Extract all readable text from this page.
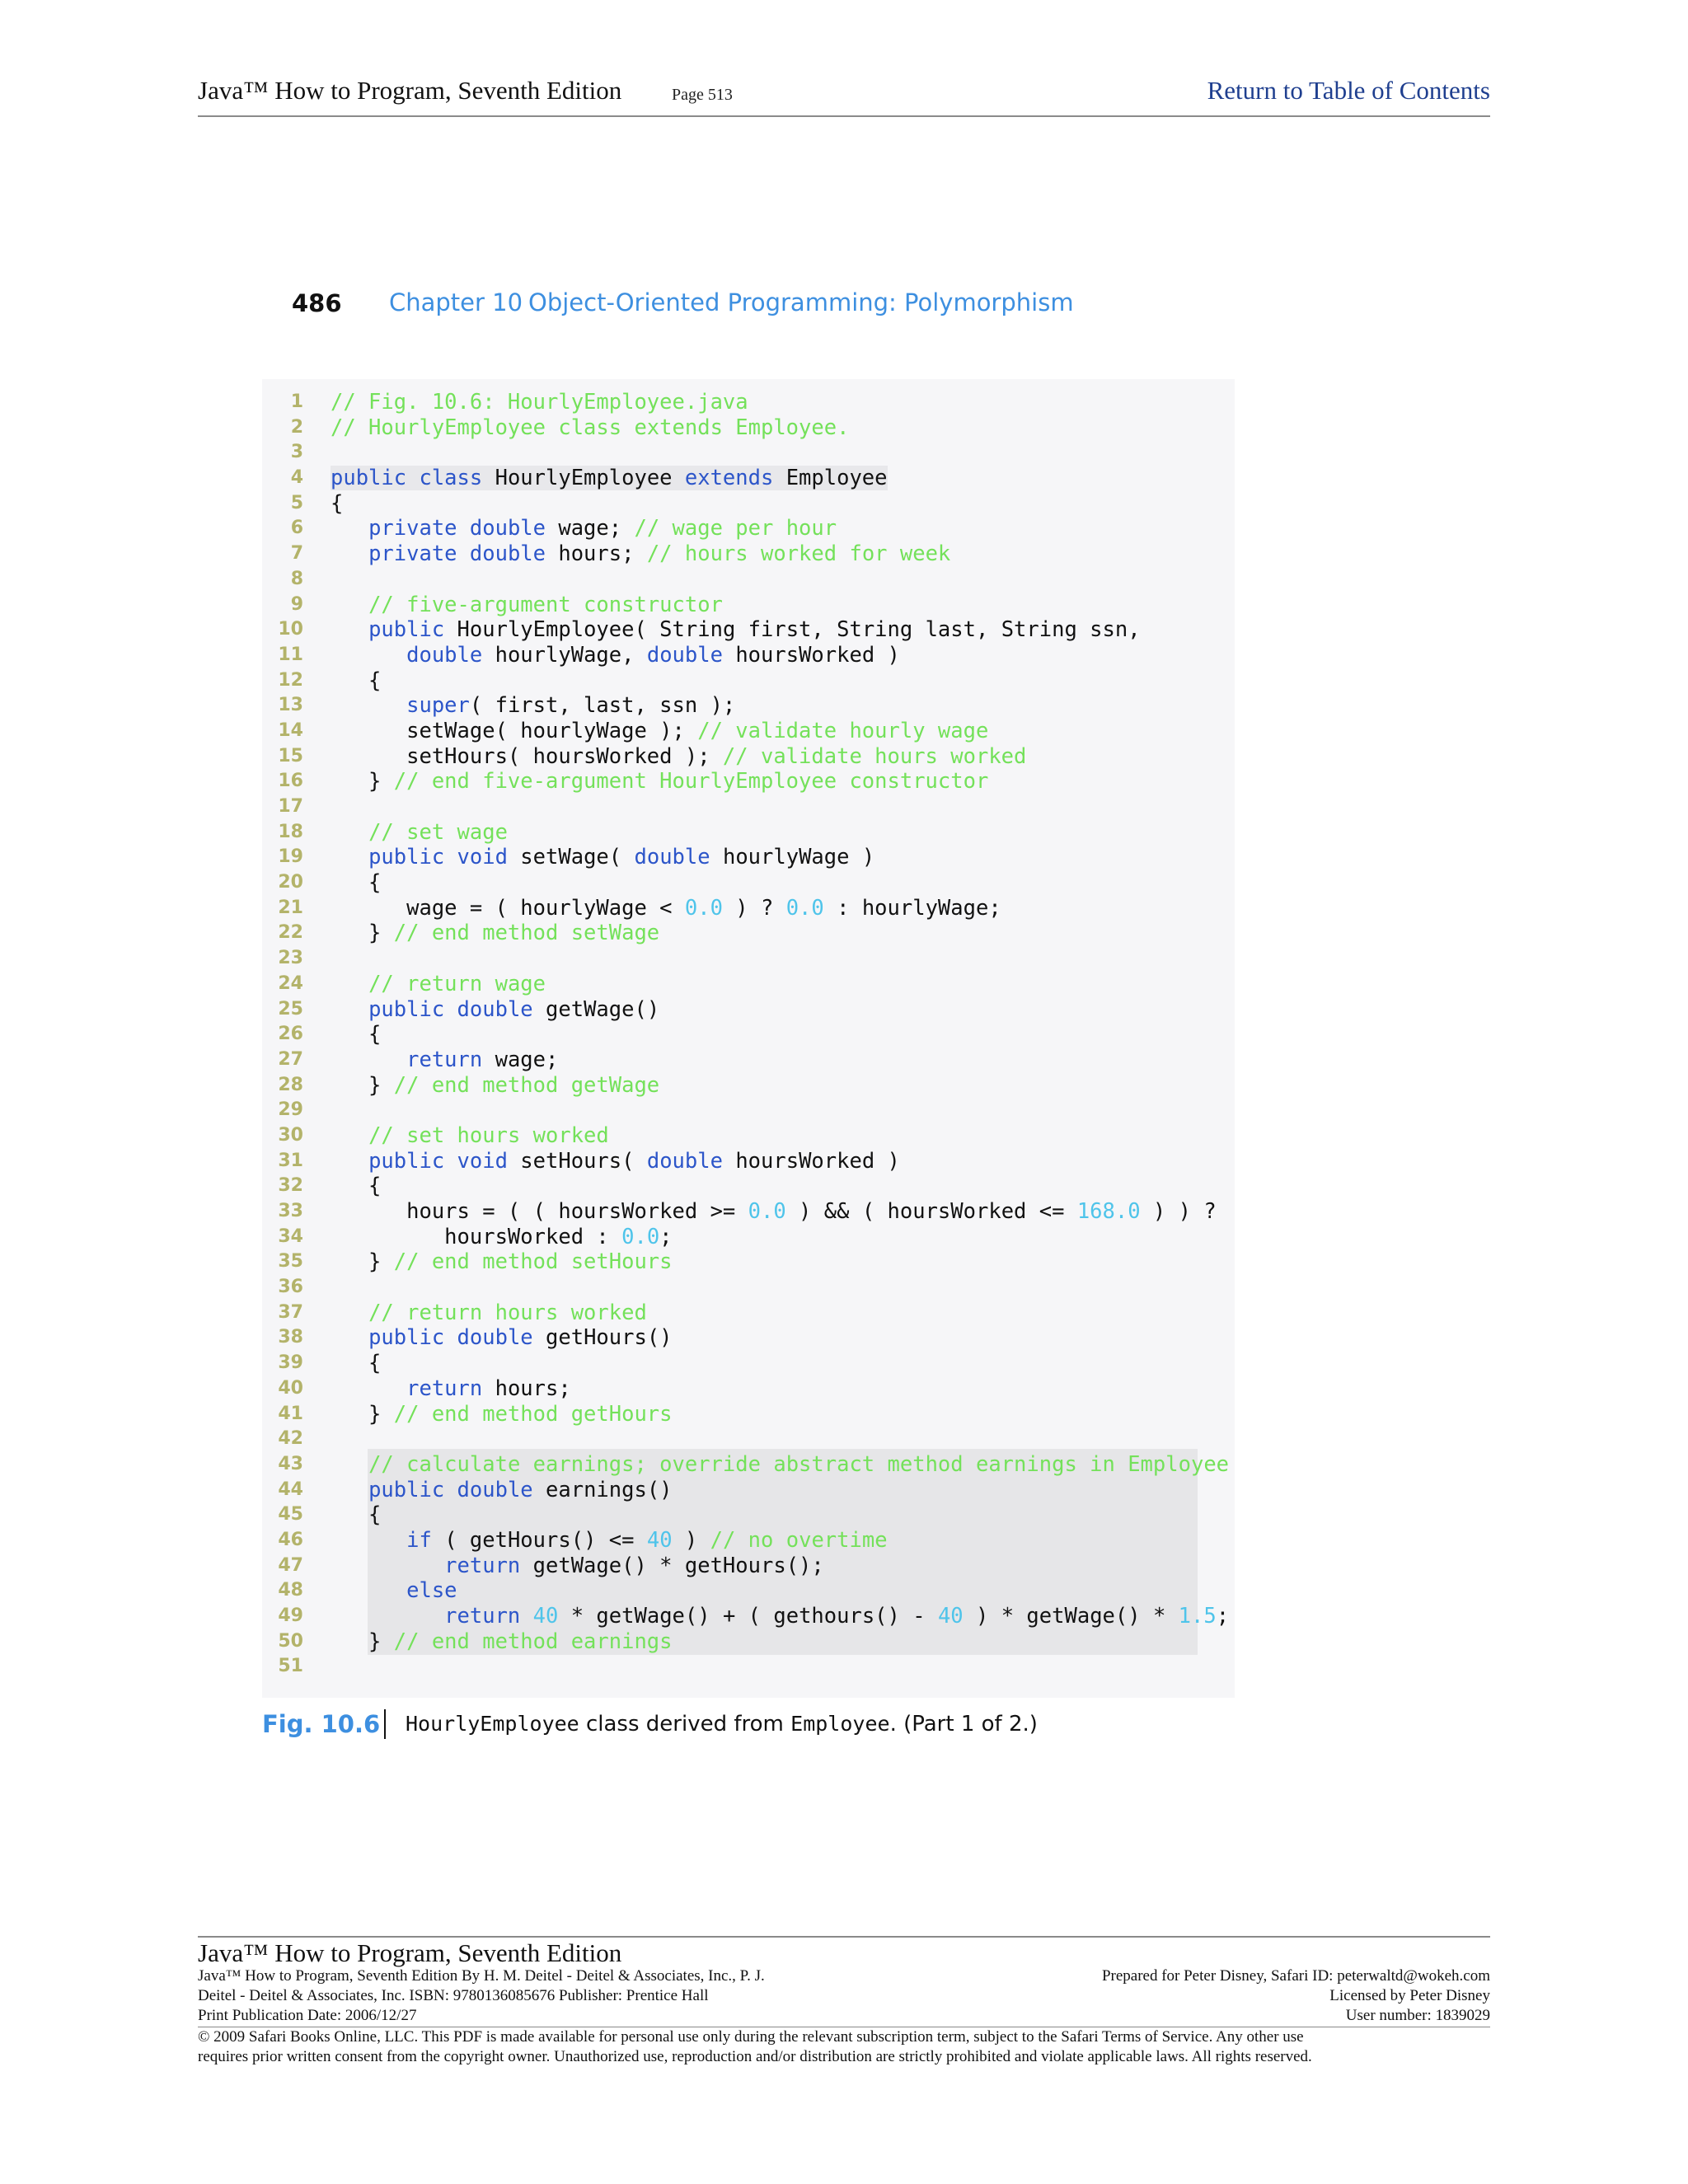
Java™ How to Program, Seventh Edition	Page 513	Return to Table of Contents
486 Chapter 10 Object-Oriented Programming: Polymorphism
1 // Fig. 10.6: HourlyEmployee.java
2 // HourlyEmployee class extends Employee.
3
4 public class HourlyEmployee extends Employee
5 {
6	private double wage; // wage per hour
7	private double hours; // hours worked for week
8
9	// five-argument constructor
10	public HourlyEmployee( String first, String last, String ssn,
11	double hourlyWage, double hoursWorked )
12 {
13	super( first, last, ssn );
14 setWage( hourlyWage ); // validate hourly wage
15 setHours( hoursWorked ); // validate hours worked
16 } // end five-argument HourlyEmployee constructor
17
18	// set wage
19	public void setWage( double hourlyWage )
20 {
21 wage = ( hourlyWage < 0.0 ) ? 0.0 : hourlyWage;
22 } // end method setWage
23
24	// return wage
25	public double getWage()
26 {
27	return wage;
28 } // end method getWage
29
30	// set hours worked
31	public void setHours( double hoursWorked )
32 {
33 hours = ( ( hoursWorked >= 0.0 ) && ( hoursWorked <= 168.0 ) ) ?
34 hoursWorked : 0.0;
35 } // end method setHours
36
37	// return hours worked
38	public double getHours()
39 {
40	return hours;
41 } // end method getHours
42
43	// calculate earnings; override abstract method earnings in Employee
44	public double earnings()
45 {
46	if ( getHours() <= 40 ) // no overtime
47	return getWage() * getHours();
48	else
49	return 40 * getWage() + ( gethours() - 40 ) * getWage() * 1.5;
50 } // end method earnings
51
Fig. 10.6 HourlyEmployee class derived from Employee. (Part 1 of 2.)
Java™ How to Program, Seventh Edition
Java™ How to Program, Seventh Edition By H. M. Deitel - Deitel & Associates, Inc., P. J.
Deitel - Deitel & Associates, Inc. ISBN: 9780136085676 Publisher: Prentice Hall
Print Publication Date: 2006/12/27
Prepared for Peter Disney, Safari ID: peterwaltd@wokeh.com
Licensed by Peter Disney
User number: 1839029
© 2009 Safari Books Online, LLC. This PDF is made available for personal use only during the relevant subscription term, subject to the Safari Terms of Service. Any other use
requires prior written consent from the copyright owner. Unauthorized use, reproduction and/or distribution are strictly prohibited and violate applicable laws. All rights reserved.
